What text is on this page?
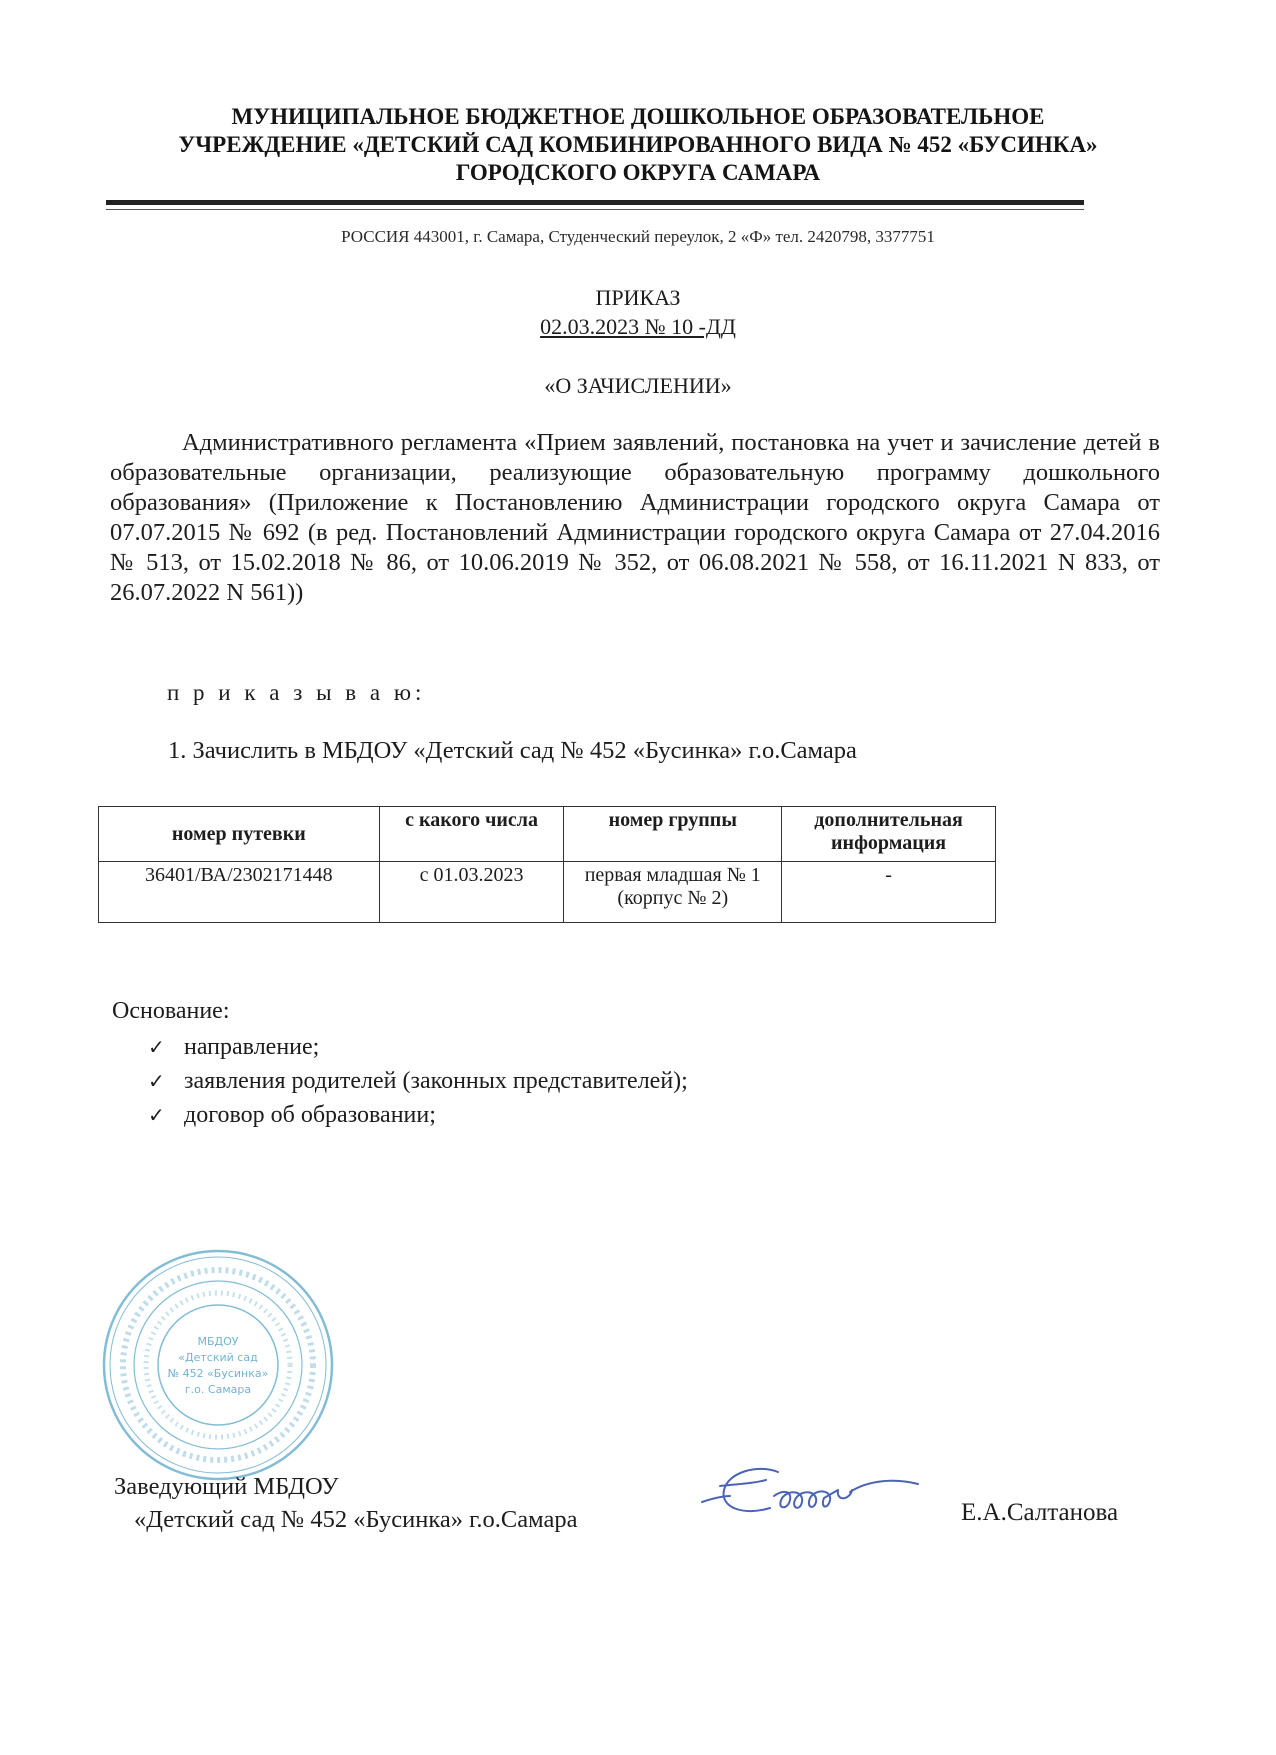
МУНИЦИПАЛЬНОЕ БЮДЖЕТНОЕ ДОШКОЛЬНОЕ ОБРАЗОВАТЕЛЬНОЕ
УЧРЕЖДЕНИЕ «ДЕТСКИЙ САД КОМБИНИРОВАННОГО ВИДА № 452 «БУСИНКА»
ГОРОДСКОГО ОКРУГА САМАРА
РОССИЯ 443001, г. Самара, Студенческий переулок, 2 «Ф» тел. 2420798, 3377751
ПРИКАЗ
02.03.2023 № 10 -ДД
«О ЗАЧИСЛЕНИИ»
Административного регламента «Прием заявлений, постановка на учет и зачисление детей в образовательные организации, реализующие образовательную программу дошкольного образования» (Приложение к Постановлению Администрации городского округа Самара от 07.07.2015 № 692 (в ред. Постановлений Администрации городского округа Самара от 27.04.2016 № 513, от 15.02.2018 № 86, от 10.06.2019 № 352, от 06.08.2021 № 558, от 16.11.2021 N 833, от 26.07.2022 N 561))
п р и к а з ы в а ю:
1. Зачислить в МБДОУ «Детский сад № 452 «Бусинка» г.о.Самара
номер путевки	с какого числа	номер группы	дополнительная информация
36401/ВА/2302171448	с 01.03.2023	первая младшая № 1 (корпус № 2)	-
Основание:
✓ направление;
✓ заявления родителей (законных представителей);
✓ договор об образовании;
МБДОУ
«Детский сад
№ 452 «Бусинка»
г.о. Самара
Заведующий МБДОУ
«Детский сад № 452 «Бусинка» г.о.Самара	Е.А.Салтанова
